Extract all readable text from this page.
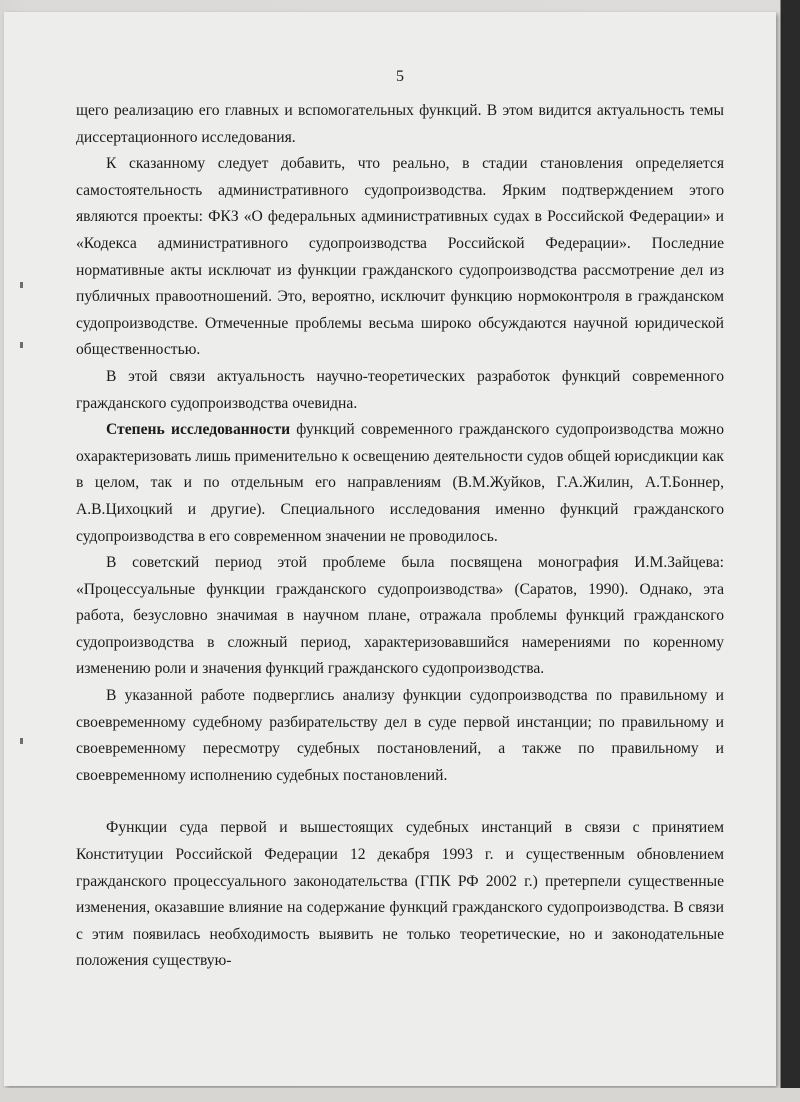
5

щего реализацию его главных и вспомогательных функций. В этом видится актуальность темы диссертационного исследования.

К сказанному следует добавить, что реально, в стадии становления определяется самостоятельность административного судопроизводства. Ярким подтверждением этого являются проекты: ФКЗ «О федеральных административных судах в Российской Федерации» и «Кодекса административного судопроизводства Российской Федерации». Последние нормативные акты исключат из функции гражданского судопроизводства рассмотрение дел из публичных правоотношений. Это, вероятно, исключит функцию нормоконтроля в гражданском судопроизводстве. Отмеченные проблемы весьма широко обсуждаются научной юридической общественностью.

В этой связи актуальность научно-теоретических разработок функций современного гражданского судопроизводства очевидна.

Степень исследованности функций современного гражданского судопроизводства можно охарактеризовать лишь применительно к освещению деятельности судов общей юрисдикции как в целом, так и по отдельным его направлениям (В.М.Жуйков, Г.А.Жилин, А.Т.Боннер, А.В.Цихоцкий и другие). Специального исследования именно функций гражданского судопроизводства в его современном значении не проводилось.

В советский период этой проблеме была посвящена монография И.М.Зайцева: «Процессуальные функции гражданского судопроизводства» (Саратов, 1990). Однако, эта работа, безусловно значимая в научном плане, отражала проблемы функций гражданского судопроизводства в сложный период, характеризовавшийся намерениями по коренному изменению роли и значения функций гражданского судопроизводства.

В указанной работе подверглись анализу функции судопроизводства по правильному и своевременному судебному разбирательству дел в суде первой инстанции; по правильному и своевременному пересмотру судебных постановлений, а также по правильному и своевременному исполнению судебных постановлений.

Функции суда первой и вышестоящих судебных инстанций в связи с принятием Конституции Российской Федерации 12 декабря 1993 г. и существенным обновлением гражданского процессуального законодательства (ГПК РФ 2002 г.) претерпели существенные изменения, оказавшие влияние на содержание функций гражданского судопроизводства. В связи с этим появилась необходимость выявить не только теоретические, но и законодательные положения существую-
